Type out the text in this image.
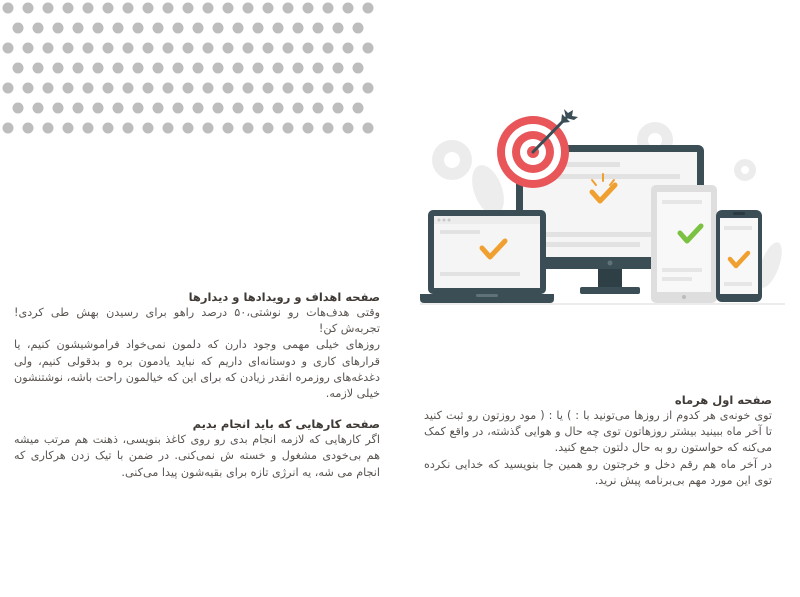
صفحه اهداف و رویدادها و دیدارها

وقتی هدف‌هات رو نوشتی،۵۰ درصد راهو برای رسیدن بهش طی کردی! تجربه‌ش کن!

روزهای خیلی مهمی وجود دارن که دلمون نمی‌خواد فراموشیشون کنیم، یا قرارهای کاری و دوستانه‌ای داریم که نباید یادمون بره و بدقولی کنیم، ولی دغدغه‌های روزمره انقدر زیادن که برای این که خیالمون راحت باشه، نوشتنشون خیلی لازمه.

صفحه کارهایی که باید انجام بدیم

اگر کارهایی که لازمه انجام بدی رو روی کاغذ بنویسی، ذهنت هم مرتب میشه هم بی‌خودی مشغول و خسته ش نمی‌کنی. در ضمن با تیک زدن هرکاری که انجام می شه، یه انرژی تازه برای بقیه‌شون پیدا می‌کنی.

صفحه اول هرماه

توی خونه‌ی هر کدوم از روزها می‌تونید با : ) یا : ( مود روزتون رو ثبت کنید تا آخر ماه ببینید بیشتر روزهاتون توی چه حال و هوایی گذشته، در واقع کمک می‌کنه که حواستون رو به حال دلتون جمع کنید.

در آخر ماه هم رقم دخل و خرجتون رو همین جا بنویسید که خدایی نکرده توی این مورد مهم بی‌برنامه پیش نرید.
